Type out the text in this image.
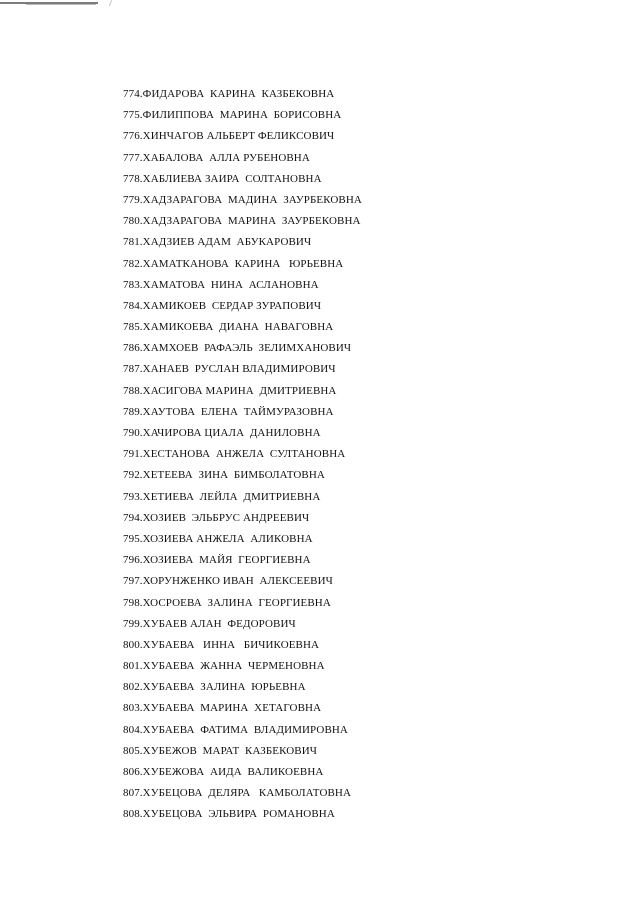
774.ФИДАРОВА  КАРИНА  КАЗБЕКОВНА
775.ФИЛИППОВА  МАРИНА  БОРИСОВНА
776.ХИНЧАГОВ АЛЬБЕРТ ФЕЛИКСОВИЧ
777.ХАБАЛОВА  АЛЛА РУБЕНОВНА
778.ХАБЛИЕВА ЗАИРА  СОЛТАНОВНА
779.ХАДЗАРАГОВА  МАДИНА  ЗАУРБЕКОВНА
780.ХАДЗАРАГОВА  МАРИНА  ЗАУРБЕКОВНА
781.ХАДЗИЕВ АДАМ  АБУКАРОВИЧ
782.ХАМАТКАНОВА  КАРИНА   ЮРЬЕВНА
783.ХАМАТОВА  НИНА  АСЛАНОВНА
784.ХАМИКОЕВ  СЕРДАР ЗУРАПОВИЧ
785.ХАМИКОЕВА  ДИАНА  НАВАГОВНА
786.ХАМХОЕВ  РАФАЭЛЬ  ЗЕЛИМХАНОВИЧ
787.ХАНАЕВ  РУСЛАН ВЛАДИМИРОВИЧ
788.ХАСИГОВА МАРИНА  ДМИТРИЕВНА
789.ХАУТОВА  ЕЛЕНА  ТАЙМУРАЗОВНА
790.ХАЧИРОВА ЦИАЛА  ДАНИЛОВНА
791.ХЕСТАНОВА  АНЖЕЛА  СУЛТАНОВНА
792.ХЕТЕЕВА  ЗИНА  БИМБОЛАТОВНА
793.ХЕТИЕВА  ЛЕЙЛА  ДМИТРИЕВНА
794.ХОЗИЕВ  ЭЛЬБРУС АНДРЕЕВИЧ
795.ХОЗИЕВА АНЖЕЛА  АЛИКОВНА
796.ХОЗИЕВА  МАЙЯ  ГЕОРГИЕВНА
797.ХОРУНЖЕНКО ИВАН  АЛЕКСЕЕВИЧ
798.ХОСРОЕВА  ЗАЛИНА  ГЕОРГИЕВНА
799.ХУБАЕВ АЛАН  ФЕДОРОВИЧ
800.ХУБАЕВА   ИННА   БИЧИКОЕВНА
801.ХУБАЕВА  ЖАННА  ЧЕРМЕНОВНА
802.ХУБАЕВА  ЗАЛИНА  ЮРЬЕВНА
803.ХУБАЕВА  МАРИНА  ХЕТАГОВНА
804.ХУБАЕВА  ФАТИМА  ВЛАДИМИРОВНА
805.ХУБЕЖОВ  МАРАТ  КАЗБЕКОВИЧ
806.ХУБЕЖОВА  АИДА  ВАЛИКОЕВНА
807.ХУБЕЦОВА  ДЕЛЯРА   КАМБОЛАТОВНА
808.ХУБЕЦОВА  ЭЛЬВИРА  РОМАНОВНА
